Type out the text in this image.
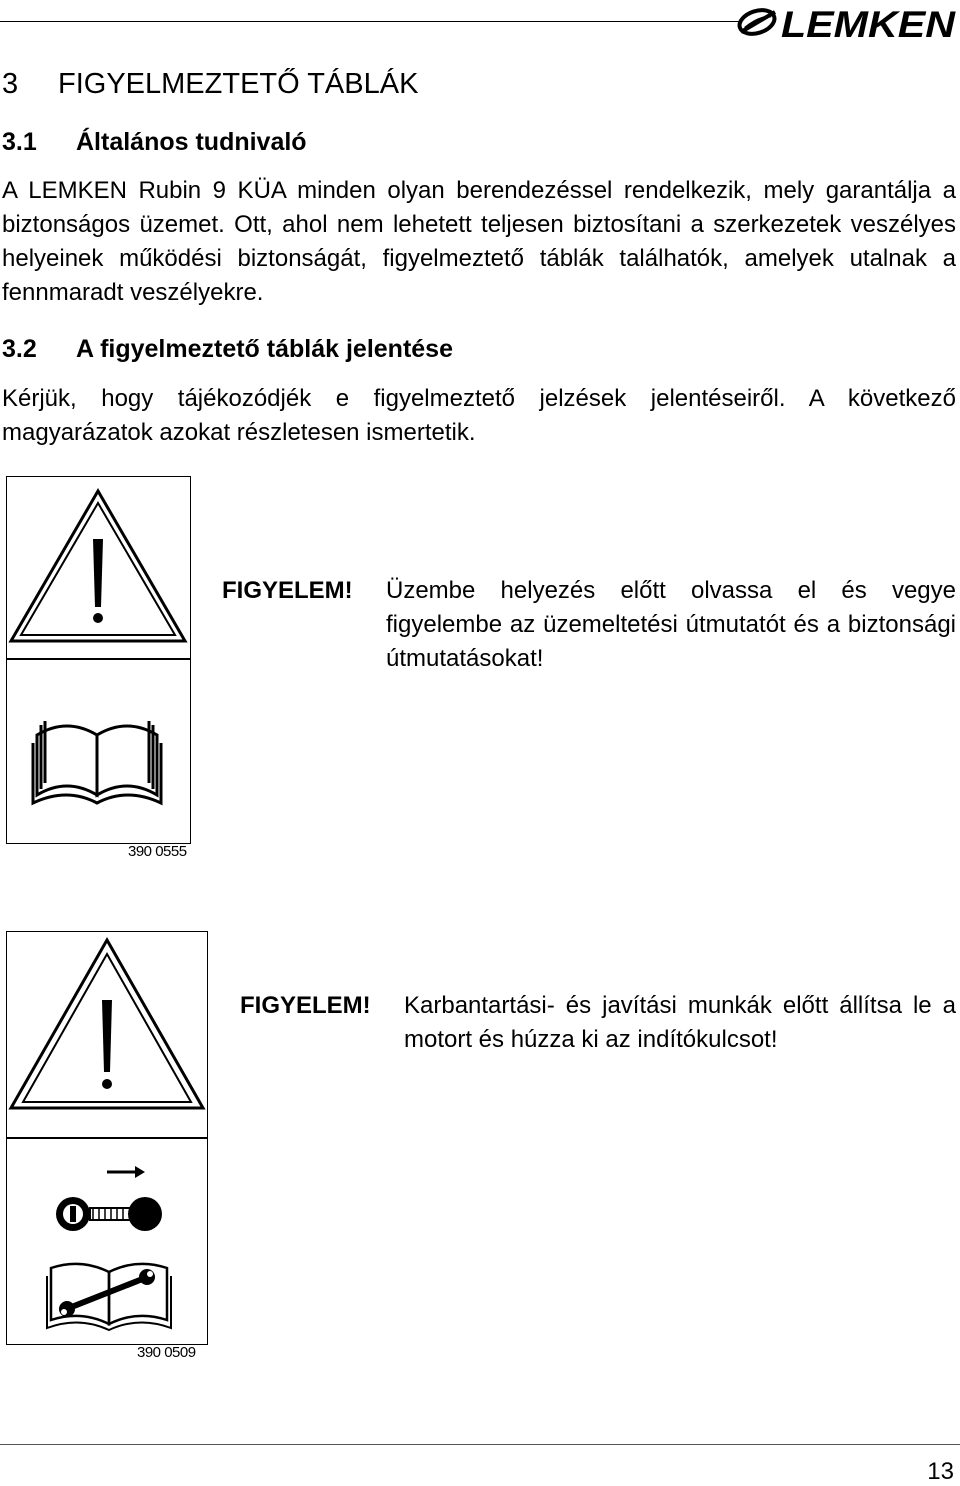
LEMKEN
3 FIGYELMEZTETŐ TÁBLÁK
3.1 Általános tudnivaló
A LEMKEN Rubin 9 KÜA minden olyan berendezéssel rendelkezik, mely garantálja a biztonságos üzemet. Ott, ahol nem lehetett teljesen biztosítani a szerkezetek veszélyes helyeinek működési biztonságát, figyelmeztető táblák találhatók, amelyek utalnak a fennmaradt veszélyekre.
3.2 A figyelmeztető táblák jelentése
Kérjük, hogy tájékozódjék e figyelmeztető jelzések jelentéseiről. A következő magyarázatok azokat részletesen ismertetik.
390 0555
FIGYELEM! Üzembe helyezés előtt olvassa el és vegye figyelembe az üzemeltetési útmutatót és a biztonsági útmutatásokat!
390 0509
FIGYELEM! Karbantartási- és javítási munkák előtt állítsa le a motort és húzza ki az indítókulcsot!
13
